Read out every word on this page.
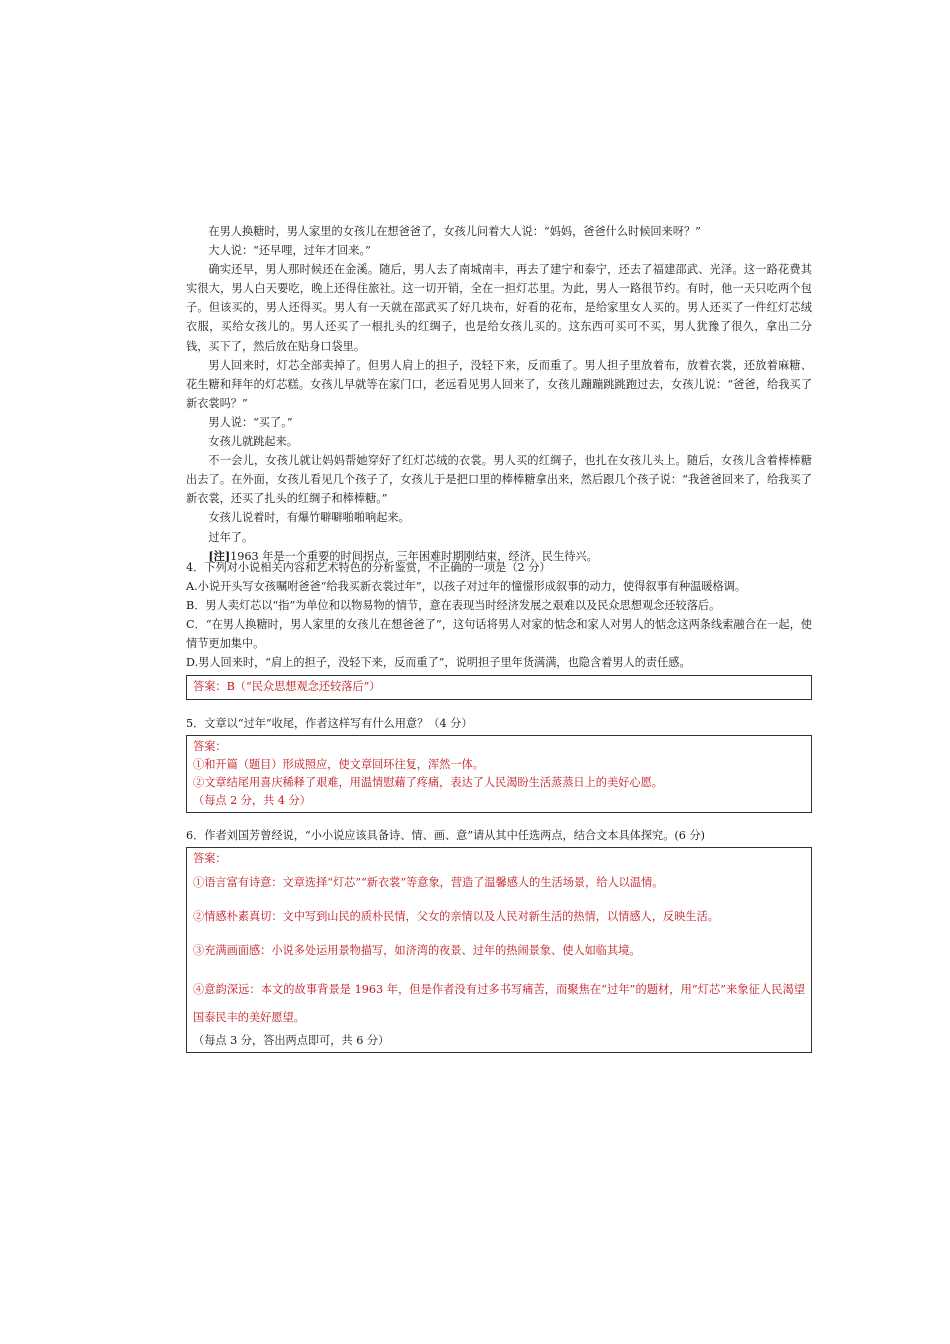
在男人换糖时，男人家里的女孩儿在想爸爸了，女孩儿问着大人说：“妈妈，爸爸什么时候回来呀？”

大人说：“还早哩，过年才回来。”

确实还早，男人那时候还在金溪。随后，男人去了南城南丰，再去了建宁和泰宁，还去了福建邵武、光泽。这一路花费其实很大，男人白天要吃，晚上还得住旅社。这一切开销，全在一担灯芯里。为此，男人一路很节约。有时，他一天只吃两个包子。但该买的，男人还得买。男人有一天就在邵武买了好几块布，好看的花布，是给家里女人买的。男人还买了一件红灯芯绒衣服，买给女孩儿的。男人还买了一根扎头的红绸子，也是给女孩儿买的。这东西可买可不买，男人犹豫了很久，拿出二分钱，买下了，然后放在贴身口袋里。

男人回来时，灯芯全部卖掉了。但男人肩上的担子，没轻下来，反而重了。男人担子里放着布，放着衣裳，还放着麻糖、花生糖和拜年的灯芯糕。女孩儿早就等在家门口，老远看见男人回来了，女孩儿蹦蹦跳跳跑过去，女孩儿说：“爸爸，给我买了新衣裳吗？”

男人说：“买了。”

女孩儿就跳起来。

不一会儿，女孩儿就让妈妈帮她穿好了红灯芯绒的衣裳。男人买的红绸子，也扎在女孩儿头上。随后，女孩儿含着棒棒糖出去了。在外面，女孩儿看见几个孩子了，女孩儿于是把口里的棒棒糖拿出来，然后跟几个孩子说：“我爸爸回来了，给我买了新衣裳，还买了扎头的红绸子和棒棒糖。”

女孩儿说着时，有爆竹噼噼啪啪响起来。

过年了。

[注]1963 年是一个重要的时间拐点，三年困难时期刚结束，经济、民生待兴。

4．下列对小说相关内容和艺术特色的分析鉴赏，不正确的一项是（2 分）

A.小说开头写女孩嘱咐爸爸“给我买新衣裳过年”，以孩子对过年的憧憬形成叙事的动力，使得叙事有种温暖格调。

B．男人卖灯芯以“指”为单位和以物易物的情节，意在表现当时经济发展之艰难以及民众思想观念还较落后。

C．“在男人换糖时，男人家里的女孩儿在想爸爸了”，这句话将男人对家的惦念和家人对男人的惦念这两条线索融合在一起，使情节更加集中。

D.男人回来时，“肩上的担子，没轻下来，反而重了”，说明担子里年货满满，也隐含着男人的责任感。

答案：B（“民众思想观念还较落后”）

5．文章以“过年”收尾，作者这样写有什么用意？（4 分）

答案：

①和开篇（题目）形成照应，使文章回环往复，浑然一体。

②文章结尾用喜庆稀释了艰难，用温情慰藉了疼痛，表达了人民渴盼生活蒸蒸日上的美好心愿。

（每点 2 分，共 4 分）

6．作者刘国芳曾经说，“小小说应该具备诗、情、画、意”请从其中任选两点，结合文本具体探究。(6 分)

答案：

①语言富有诗意：文章选择“灯芯”“新衣裳”等意象，营造了温馨感人的生活场景，给人以温情。

②情感朴素真切：文中写到山民的质朴民情，父女的亲情以及人民对新生活的热情，以情感人，反映生活。

③充满画面感：小说多处运用景物描写，如济湾的夜景、过年的热闹景象、使人如临其境。

④意韵深远：本文的故事背景是 1963 年，但是作者没有过多书写痛苦，而聚焦在“过年”的题材，用“灯芯”来象征人民渴望国泰民丰的美好愿望。

（每点 3 分，答出两点即可，共 6 分）
